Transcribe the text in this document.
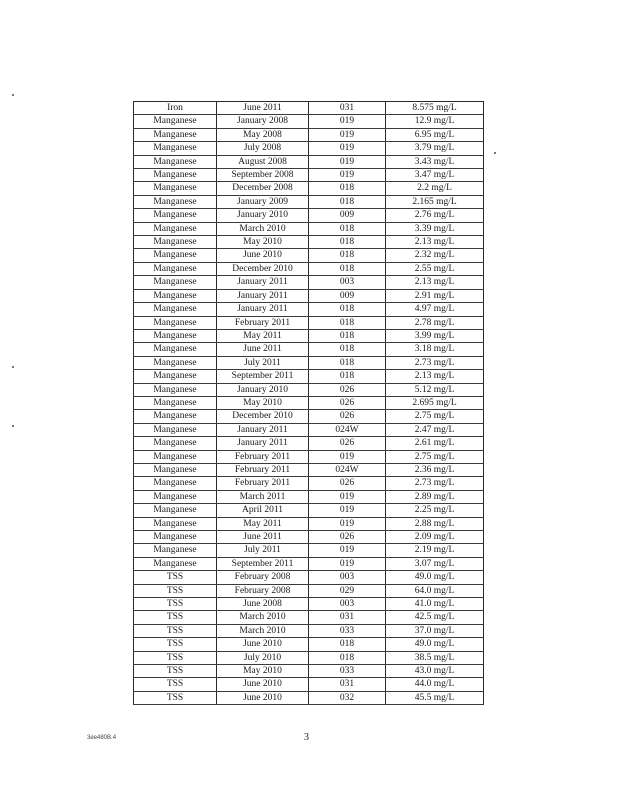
Iron	June 2011	031	8.575 mg/L
Manganese	January 2008	019	12.9 mg/L
Manganese	May 2008	019	6.95 mg/L
Manganese	July 2008	019	3.79 mg/L
Manganese	August 2008	019	3.43 mg/L
Manganese	September 2008	019	3.47 mg/L
Manganese	December 2008	018	2.2 mg/L
Manganese	January 2009	018	2.165 mg/L
Manganese	January 2010	009	2.76 mg/L
Manganese	March 2010	018	3.39 mg/L
Manganese	May 2010	018	2.13 mg/L
Manganese	June 2010	018	2.32 mg/L
Manganese	December 2010	018	2.55 mg/L
Manganese	January 2011	003	2.13 mg/L
Manganese	January 2011	009	2.91 mg/L
Manganese	January 2011	018	4.97 mg/L
Manganese	February 2011	018	2.78 mg/L
Manganese	May 2011	018	3.99 mg/L
Manganese	June 2011	018	3.18 mg/L
Manganese	July 2011	018	2.73 mg/L
Manganese	September 2011	018	2.13 mg/L
Manganese	January 2010	026	5.12 mg/L
Manganese	May 2010	026	2.695 mg/L
Manganese	December 2010	026	2.75 mg/L
Manganese	January 2011	024W	2.47 mg/L
Manganese	January 2011	026	2.61 mg/L
Manganese	February 2011	019	2.75 mg/L
Manganese	February 2011	024W	2.36 mg/L
Manganese	February 2011	026	2.73 mg/L
Manganese	March 2011	019	2.89 mg/L
Manganese	April 2011	019	2.25 mg/L
Manganese	May 2011	019	2.88 mg/L
Manganese	June 2011	026	2.09 mg/L
Manganese	July 2011	019	2.19 mg/L
Manganese	September 2011	019	3.07 mg/L
TSS	February 2008	003	49.0 mg/L
TSS	February 2008	029	64.0 mg/L
TSS	June 2008	003	41.0 mg/L
TSS	March 2010	031	42.5 mg/L
TSS	March 2010	033	37.0 mg/L
TSS	June 2010	018	49.0 mg/L
TSS	July 2010	018	38.5 mg/L
TSS	May 2010	033	43.0 mg/L
TSS	June 2010	031	44.0 mg/L
TSS	June 2010	032	45.5 mg/L
3ee480B.4	3
